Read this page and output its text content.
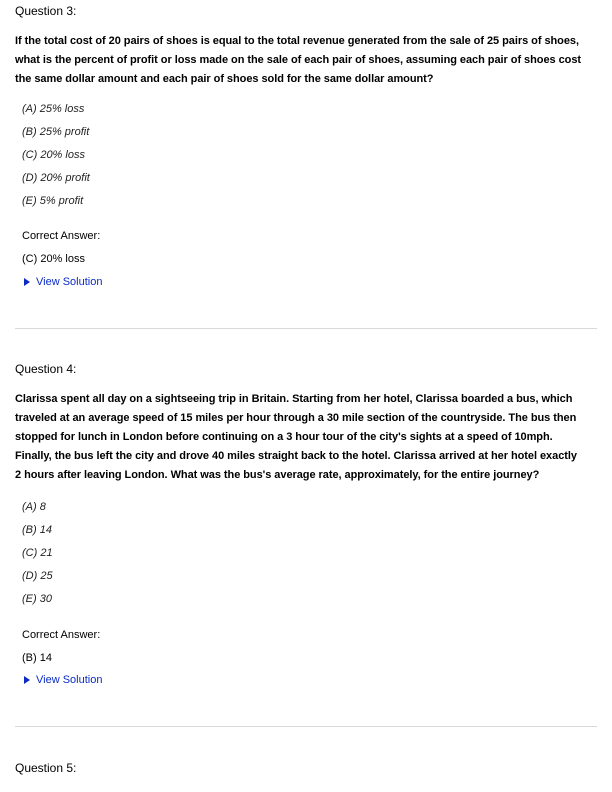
Question 3:
If the total cost of 20 pairs of shoes is equal to the total revenue generated from the sale of 25 pairs of shoes,
what is the percent of profit or loss made on the sale of each pair of shoes, assuming each pair of shoes cost
the same dollar amount and each pair of shoes sold for the same dollar amount?
(A) 25% loss
(B) 25% profit
(C) 20% loss
(D) 20% profit
(E) 5% profit

Correct Answer:

(C) 20% loss

View Solution
Question 4:
Clarissa spent all day on a sightseeing trip in Britain. Starting from her hotel, Clarissa boarded a bus, which
traveled at an average speed of 15 miles per hour through a 30 mile section of the countryside. The bus then
stopped for lunch in London before continuing on a 3 hour tour of the city's sights at a speed of 10mph.
Finally, the bus left the city and drove 40 miles straight back to the hotel. Clarissa arrived at her hotel exactly
2 hours after leaving London. What was the bus's average rate, approximately, for the entire journey?
(A) 8
(B) 14
(C) 21
(D) 25
(E) 30

Correct Answer:

(B) 14

View Solution
Question 5:
